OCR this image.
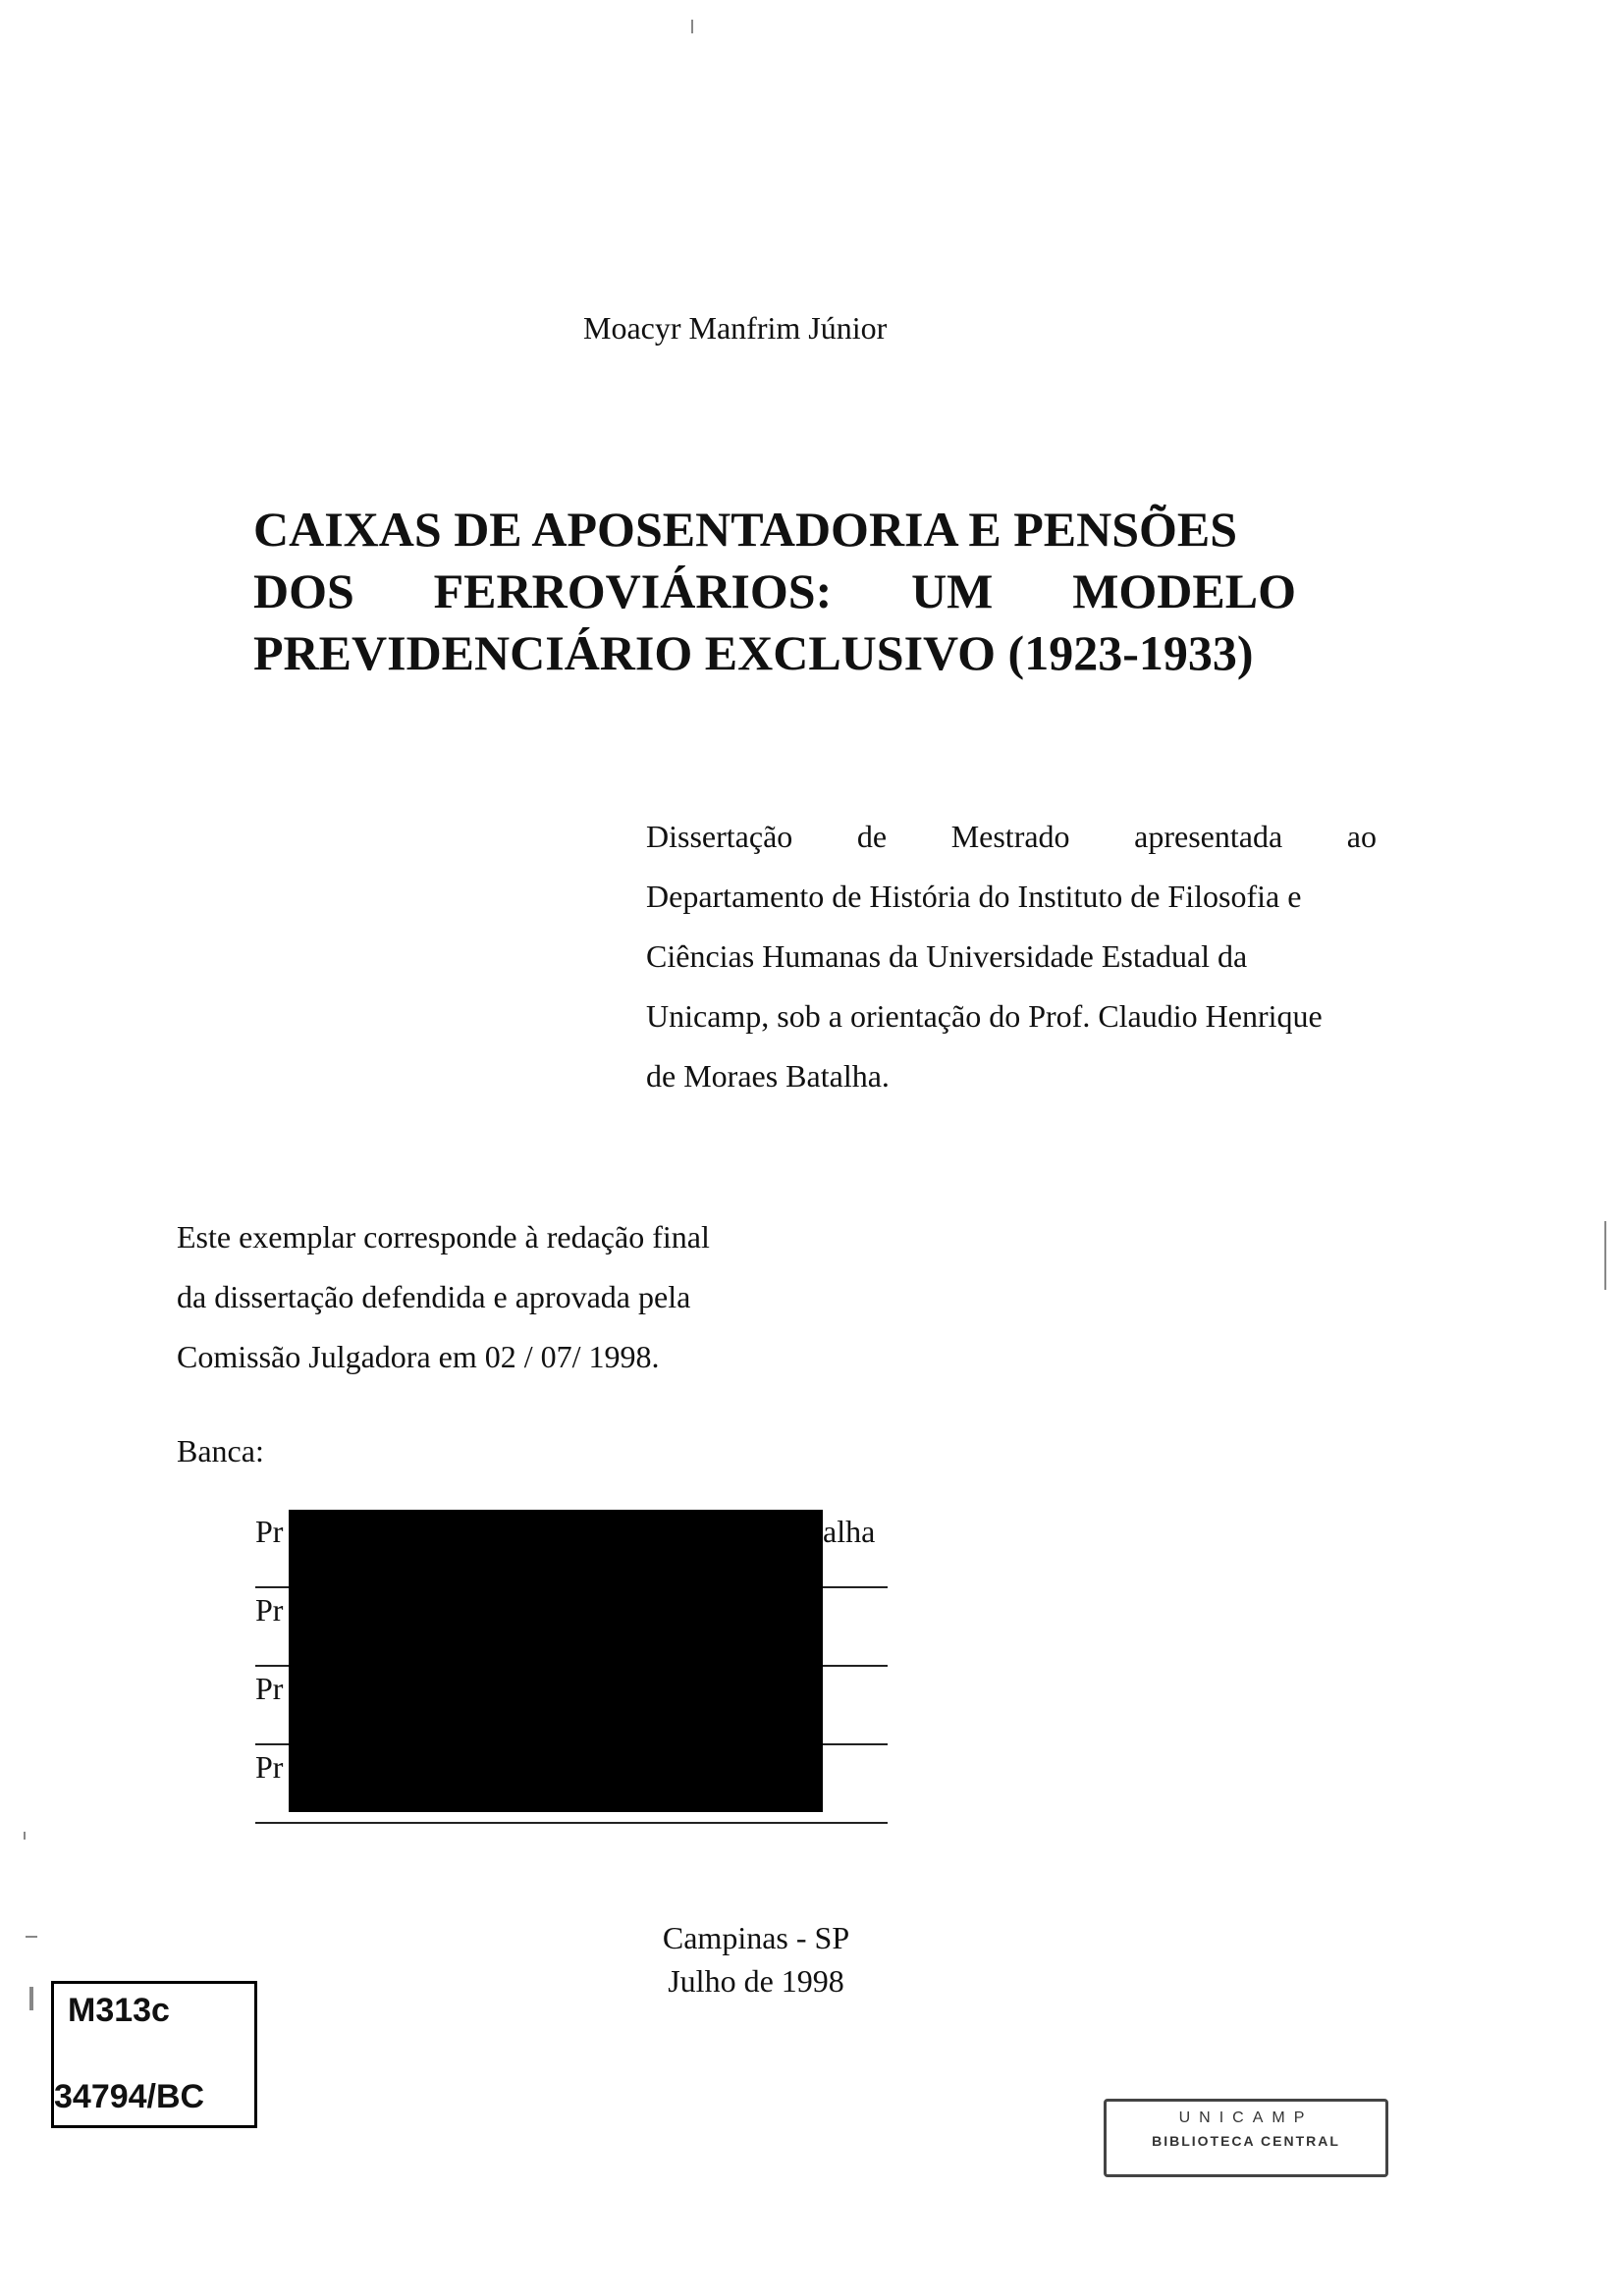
Moacyr Manfrim Júnior
CAIXAS DE APOSENTADORIA E PENSÕES
DOS FERROVIÁRIOS: UM MODELO
PREVIDENCIÁRIO EXCLUSIVO (1923-1933)
Dissertação de Mestrado apresentada ao
Departamento de História do Instituto de Filosofia e
Ciências Humanas da Universidade Estadual da
Unicamp, sob a orientação do Prof. Claudio Henrique
de Moraes Batalha.
Este exemplar corresponde à redação final
da dissertação defendida e aprovada pela
Comissão Julgadora em 02 / 07/ 1998.
Banca:
Pr	alha
Pr
Pr
Pr
Campinas - SP
Julho de 1998
M313c
34794/BC
UNICAMP
BIBLIOTECA CENTRAL
